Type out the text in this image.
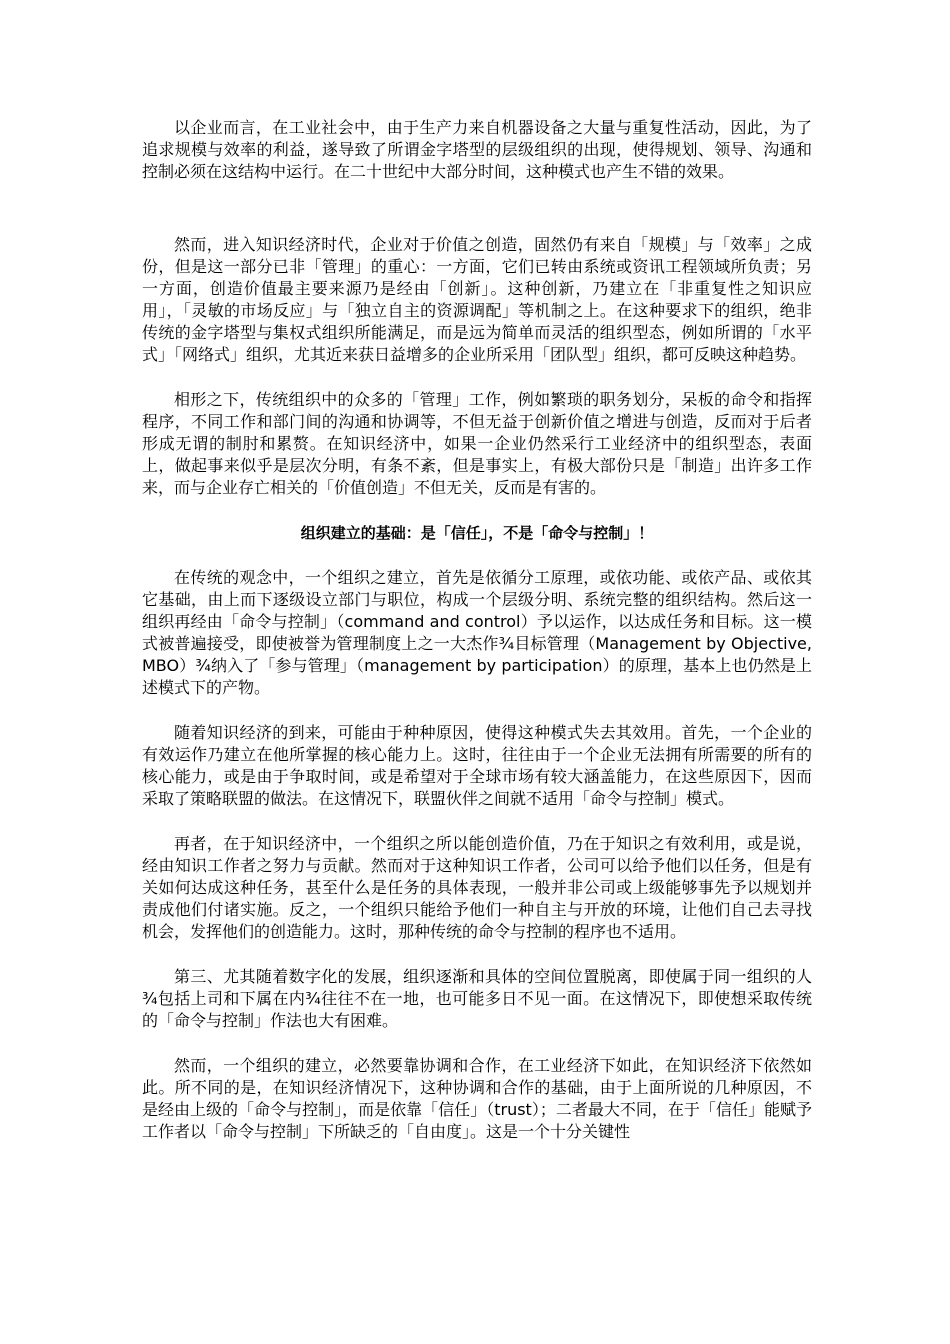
以企业而言，在工业社会中，由于生产力来自机器设备之大量与重复性活动，因此，为了追求规模与效率的利益，遂导致了所谓金字塔型的层级组织的出现，使得规划、领导、沟通和控制必须在这结构中运行。在二十世纪中大部分时间，这种模式也产生不错的效果。

然而，进入知识经济时代，企业对于价值之创造，固然仍有来自「规模」与「效率」之成份，但是这一部分已非「管理」的重心：一方面，它们已转由系统或资讯工程领域所负责；另一方面，创造价值最主要来源乃是经由「创新」。这种创新，乃建立在「非重复性之知识应用」，「灵敏的市场反应」与「独立自主的资源调配」等机制之上。在这种要求下的组织，绝非传统的金字塔型与集权式组织所能满足，而是远为简单而灵活的组织型态，例如所谓的「水平式」「网络式」组织，尤其近来获日益增多的企业所采用「团队型」组织，都可反映这种趋势。

相形之下，传统组织中的众多的「管理」工作，例如繁琐的职务划分，呆板的命令和指挥程序，不同工作和部门间的沟通和协调等，不但无益于创新价值之增进与创造，反而对于后者形成无谓的制肘和累赘。在知识经济中，如果一企业仍然采行工业经济中的组织型态，表面上，做起事来似乎是层次分明，有条不紊，但是事实上，有极大部份只是「制造」出许多工作来，而与企业存亡相关的「价值创造」不但无关，反而是有害的。

组织建立的基础：是「信任」，不是「命令与控制」！

在传统的观念中，一个组织之建立，首先是依循分工原理，或依功能、或依产品、或依其它基础，由上而下逐级设立部门与职位，构成一个层级分明、系统完整的组织结构。然后这一组织再经由「命令与控制」（command and control）予以运作，以达成任务和目标。这一模式被普遍接受，即使被誉为管理制度上之一大杰作¾目标管理（Management by Objective, MBO）¾纳入了「参与管理」（management by participation）的原理，基本上也仍然是上述模式下的产物。

随着知识经济的到来，可能由于种种原因，使得这种模式失去其效用。首先，一个企业的有效运作乃建立在他所掌握的核心能力上。这时，往往由于一个企业无法拥有所需要的所有的核心能力，或是由于争取时间，或是希望对于全球市场有较大涵盖能力，在这些原因下，因而采取了策略联盟的做法。在这情况下，联盟伙伴之间就不适用「命令与控制」模式。

再者，在于知识经济中，一个组织之所以能创造价值，乃在于知识之有效利用，或是说，经由知识工作者之努力与贡献。然而对于这种知识工作者，公司可以给予他们以任务，但是有关如何达成这种任务，甚至什么是任务的具体表现，一般并非公司或上级能够事先予以规划并责成他们付诸实施。反之，一个组织只能给予他们一种自主与开放的环境，让他们自己去寻找机会，发挥他们的创造能力。这时，那种传统的命令与控制的程序也不适用。

第三、尤其随着数字化的发展，组织逐渐和具体的空间位置脱离，即使属于同一组织的人¾包括上司和下属在内¾往往不在一地，也可能多日不见一面。在这情况下，即使想采取传统的「命令与控制」作法也大有困难。

然而，一个组织的建立，必然要靠协调和合作，在工业经济下如此，在知识经济下依然如此。所不同的是，在知识经济情况下，这种协调和合作的基础，由于上面所说的几种原因，不是经由上级的「命令与控制」，而是依靠「信任」（trust）；二者最大不同，在于「信任」能赋予工作者以「命令与控制」下所缺乏的「自由度」。这是一个十分关键性
